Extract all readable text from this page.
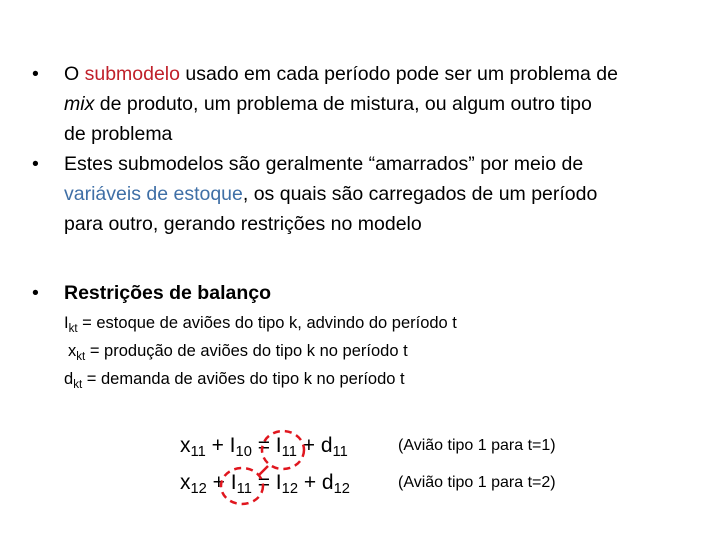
•	O submodelo usado em cada período pode ser um problema de
mix de produto, um problema de mistura, ou algum outro tipo
de problema
•	Estes submodelos são geralmente “amarrados” por meio de
variáveis de estoque, os quais são carregados de um período
para outro, gerando restrições no modelo
•	Restrições de balanço
$I_{kt}$ = estoque de aviões do tipo k, advindo do período t
$x_{kt}$ = produção de aviões do tipo k no período t
$d_{kt}$ = demanda de aviões do tipo k no período t
$x_{11} + I_{10} = I_{11} + d_{11}$	(Avião tipo 1 para t=1)
$x_{12} + I_{11} = I_{12} + d_{12}$	(Avião tipo 1 para t=2)
